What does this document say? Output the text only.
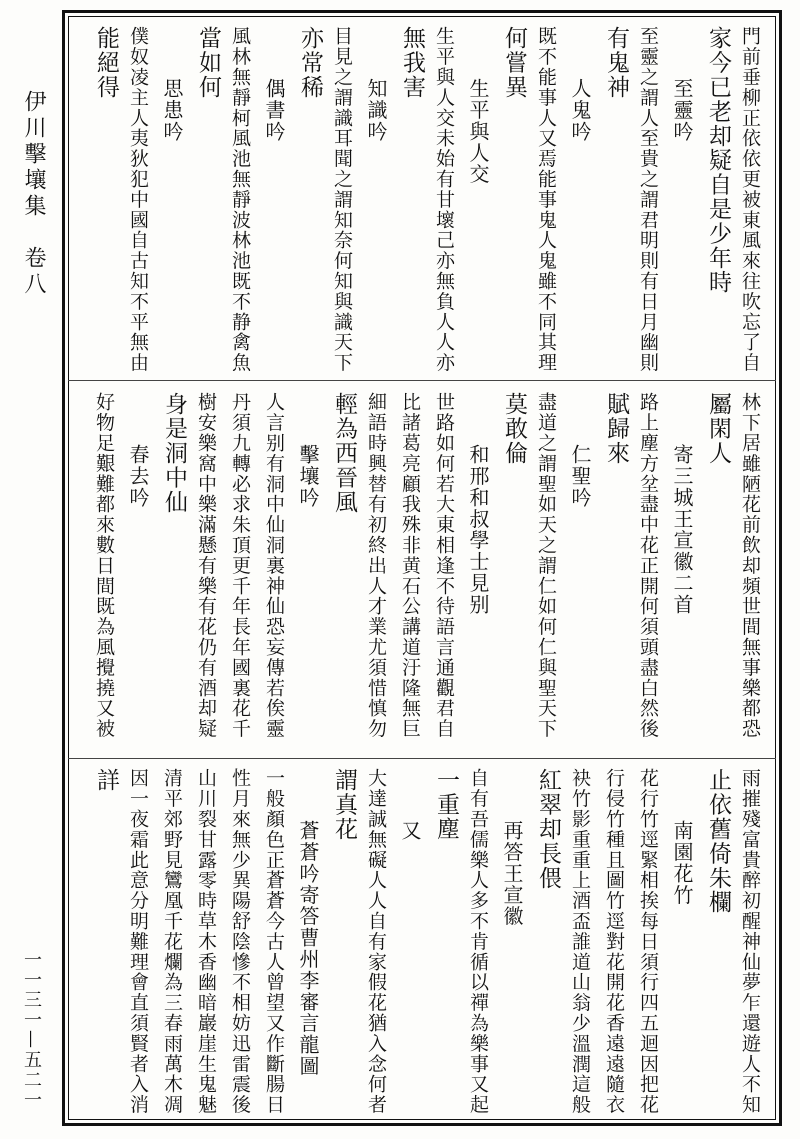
伊川擊壤集　卷八
一一三一—五二一
門前垂柳正依依更被東風來往吹忘了自
家今已老却疑自是少年時
至靈吟
至靈之謂人至貴之謂君明則有日月幽則
有鬼神
人鬼吟
既不能事人又焉能事鬼人鬼雖不同其理
何嘗異
生平與人交
生平與人交未始有甘壞己亦無負人人亦
無我害
知識吟
目見之謂識耳聞之謂知奈何知與識天下
亦常稀
偶書吟
風林無靜柯風池無靜波林池既不静禽魚
當如何
思患吟
僕奴凌主人夷狄犯中國自古知不平無由
能絕得
林下居雖陋花前飲却頻世間無事樂都恐
屬閑人
寄三城王宣徽二首
路上塵方坌盡中花正開何須頭盡白然後
賦歸來
仁聖吟
盡道之謂聖如天之謂仁如何仁與聖天下
莫敢倫
和邢和叔學士見别
世路如何若大東相逢不待語言通觀君自
比諸葛亮顧我殊非黄石公講道汙隆無巨
細語時興替有初終出人才業尤須惜慎勿
輕為西晉風
擊壤吟
人言别有洞中仙洞裏神仙恐妄傳若俟靈
丹須九轉必求朱頂更千年長年國裏花千
樹安樂窩中樂滿懸有樂有花仍有酒却疑
身是洞中仙
春去吟
好物足艱難都來數日間既為風攪撓又被
雨摧殘富貴醉初醒神仙夢乍還遊人不知
止依舊倚朱欄
南園花竹
花行竹逕緊相挨每日須行四五迴因把花
行侵竹種且圖竹逕對花開花香遠遠隨衣
袂竹影重重上酒盃誰道山翁少溫潤這般
紅翠却長偎
再答王宣徽
自有吾儒樂人多不肯循以禪為樂事又起
一重塵
又
大達誠無礙人人自有家假花猶入念何者
謂真花
蒼蒼吟寄答曹州李審言龍圖
一般顏色正蒼蒼今古人曾望又作斷腸日
性月來無少異陽舒陰慘不相妨迅雷震後
山川裂甘露零時草木香幽暗巖崖生鬼魅
清平郊野見鸞凰千花爛為三春雨萬木凋
因一夜霜此意分明難理會直須賢者入消
詳
